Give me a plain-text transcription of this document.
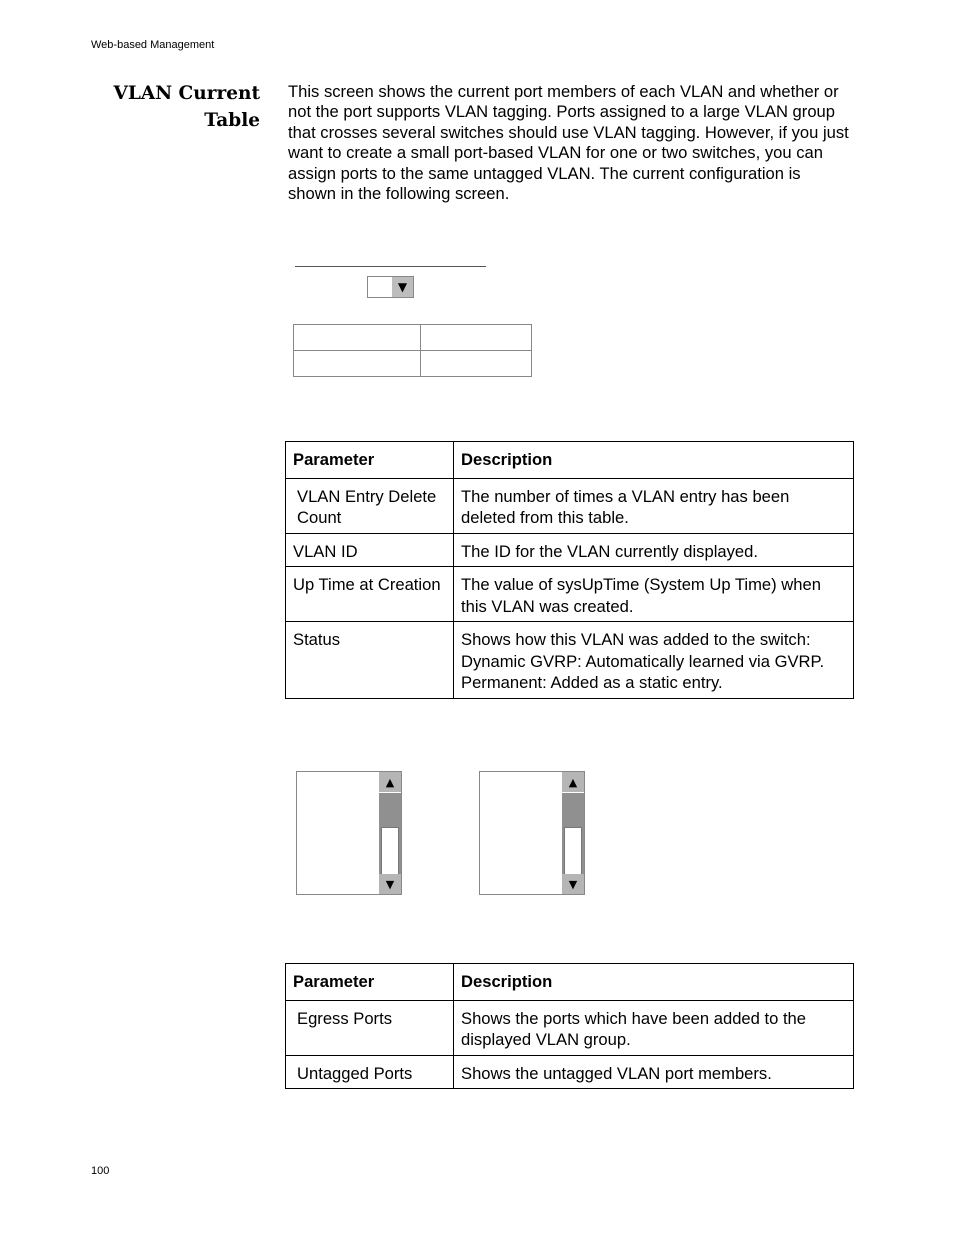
Web-based Management
VLAN Current
Table
This screen shows the current port members of each VLAN and whether or not the port supports VLAN tagging. Ports assigned to a large VLAN group that crosses several switches should use VLAN tagging. However, if you just want to create a small port-based VLAN for one or two switches, you can assign ports to the same untagged VLAN. The current configuration is shown in the following screen.
▼

Parameter	Description
VLAN Entry Delete Count	The number of times a VLAN entry has been deleted from this table.
VLAN ID	The ID for the VLAN currently displayed.
Up Time at Creation	The value of sysUpTime (System Up Time) when this VLAN was created.
Status	Shows how this VLAN was added to the switch:
Dynamic GVRP: Automatically learned via GVRP.
Permanent: Added as a static entry.
▲
▼
▲
▼
Parameter	Description
Egress Ports	Shows the ports which have been added to the displayed VLAN group.
Untagged Ports	Shows the untagged VLAN port members.
100
